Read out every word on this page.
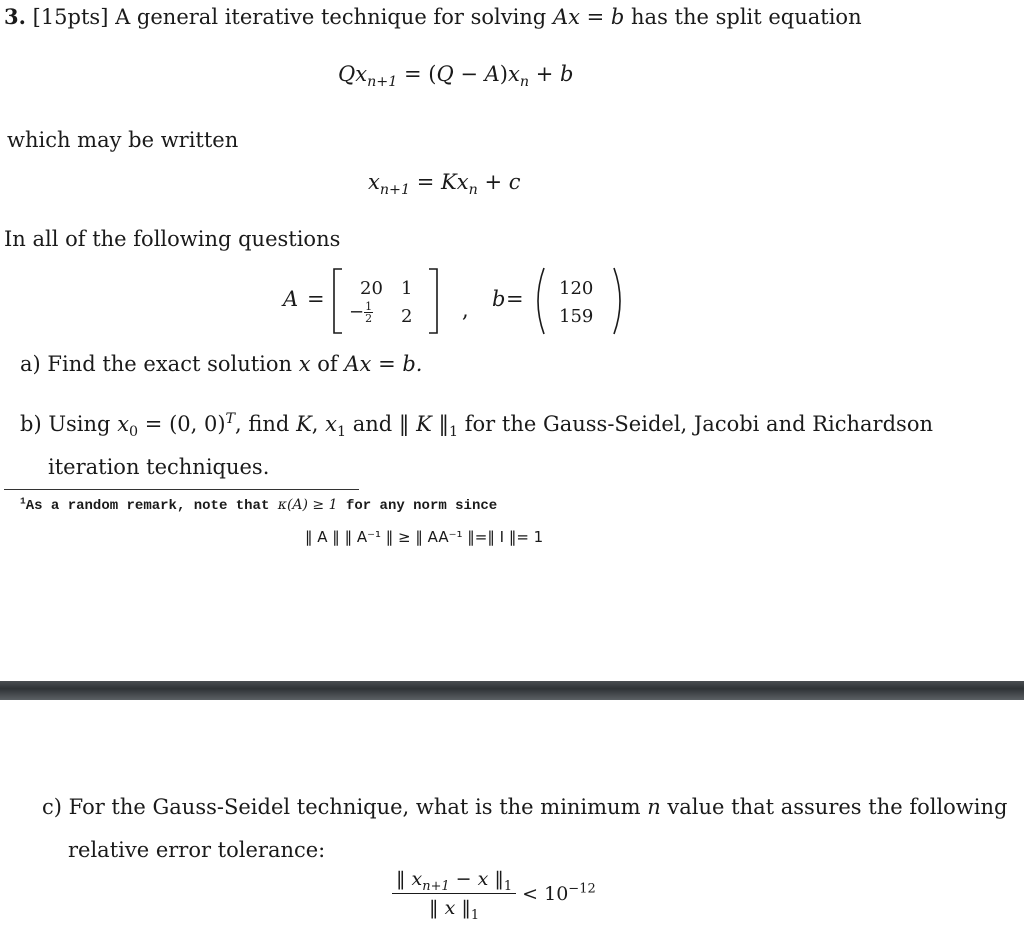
3. [15pts] A general iterative technique for solving Ax = b has the split equation
$Qx_{n+1} = (Q - A)x_n + b$
which may be written
$x_{n+1} = Kx_n + c$
In all of the following questions
A = 20 1
2
− $\frac{1}{2}$	, b = 120
159
a) Find the exact solution x of Ax = b.
b) Using $x_0 = (0$, 0)$^T$, find K, $x_1$ and ‖ K $‖_1$ for the Gauss-Seidel, Jacobi and Richardson
iteration techniques.
$^1$As a random remark, note that κ(A) ≥ 1 for any norm since
‖ A ‖ ‖ A⁻¹ ‖ ≥ ‖ AA⁻¹ ‖=‖ I ‖= 1
c) For the Gauss-Seidel technique, what is the minimum n value that assures the following
relative error tolerance:
$\frac{‖ x_{n+1} - x ‖_1}{‖ x ‖_1} < 10^{-12}$
